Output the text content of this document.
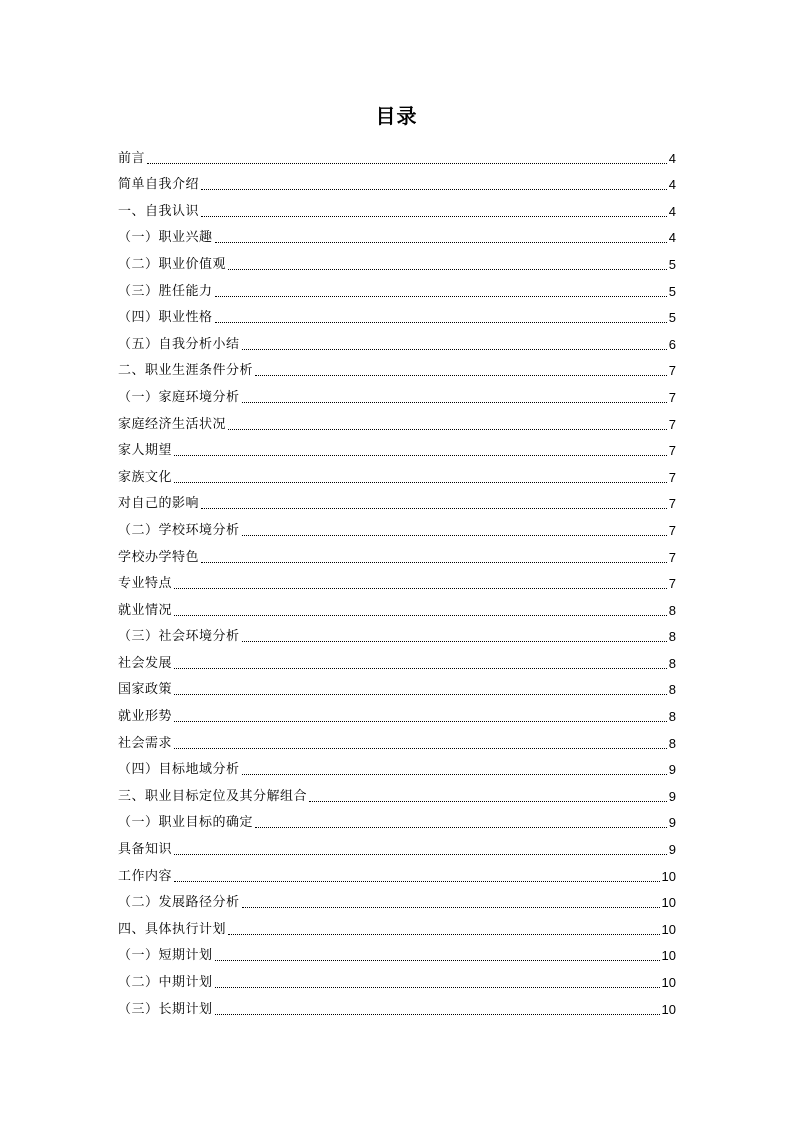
目录
前言	4
简单自我介绍	4
一、自我认识	4
（一）职业兴趣	4
（二）职业价值观	5
（三）胜任能力	5
（四）职业性格	5
（五）自我分析小结	6
二、职业生涯条件分析	7
（一）家庭环境分析	7
家庭经济生活状况	7
家人期望	7
家族文化	7
对自己的影响	7
（二）学校环境分析	7
学校办学特色	7
专业特点	7
就业情况	8
（三）社会环境分析	8
社会发展	8
国家政策	8
就业形势	8
社会需求	8
（四）目标地域分析	9
三、职业目标定位及其分解组合	9
（一）职业目标的确定	9
具备知识	9
工作内容	10
（二）发展路径分析	10
四、具体执行计划	10
（一）短期计划	10
（二）中期计划	10
（三）长期计划	10
